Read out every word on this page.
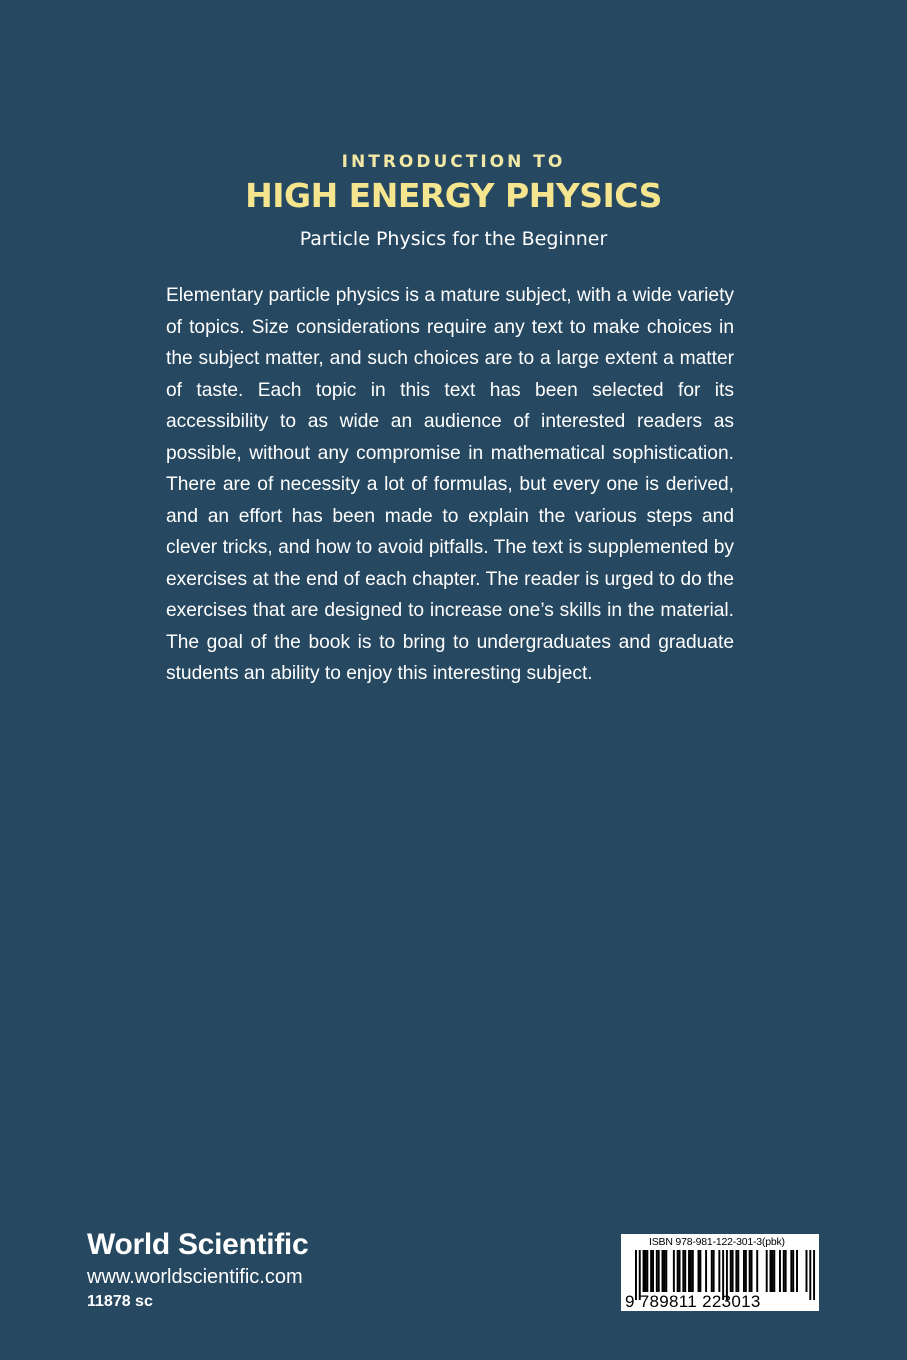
INTRODUCTION TO
HIGH ENERGY PHYSICS
Particle Physics for the Beginner

Elementary particle physics is a mature subject, with a wide variety of topics. Size considerations require any text to make choices in the subject matter, and such choices are to a large extent a matter of taste. Each topic in this text has been selected for its accessibility to as wide an audience of interested readers as possible, without any compromise in mathematical sophistication. There are of necessity a lot of formulas, but every one is derived, and an effort has been made to explain the various steps and clever tricks, and how to avoid pitfalls. The text is supplemented by exercises at the end of each chapter. The reader is urged to do the exercises that are designed to increase one’s skills in the material. The goal of the book is to bring to undergraduates and graduate students an ability to enjoy this interesting subject.

World Scientific
www.worldscientific.com
11878 sc
ISBN 978-981-122-301-3(pbk)
9 789811 223013
